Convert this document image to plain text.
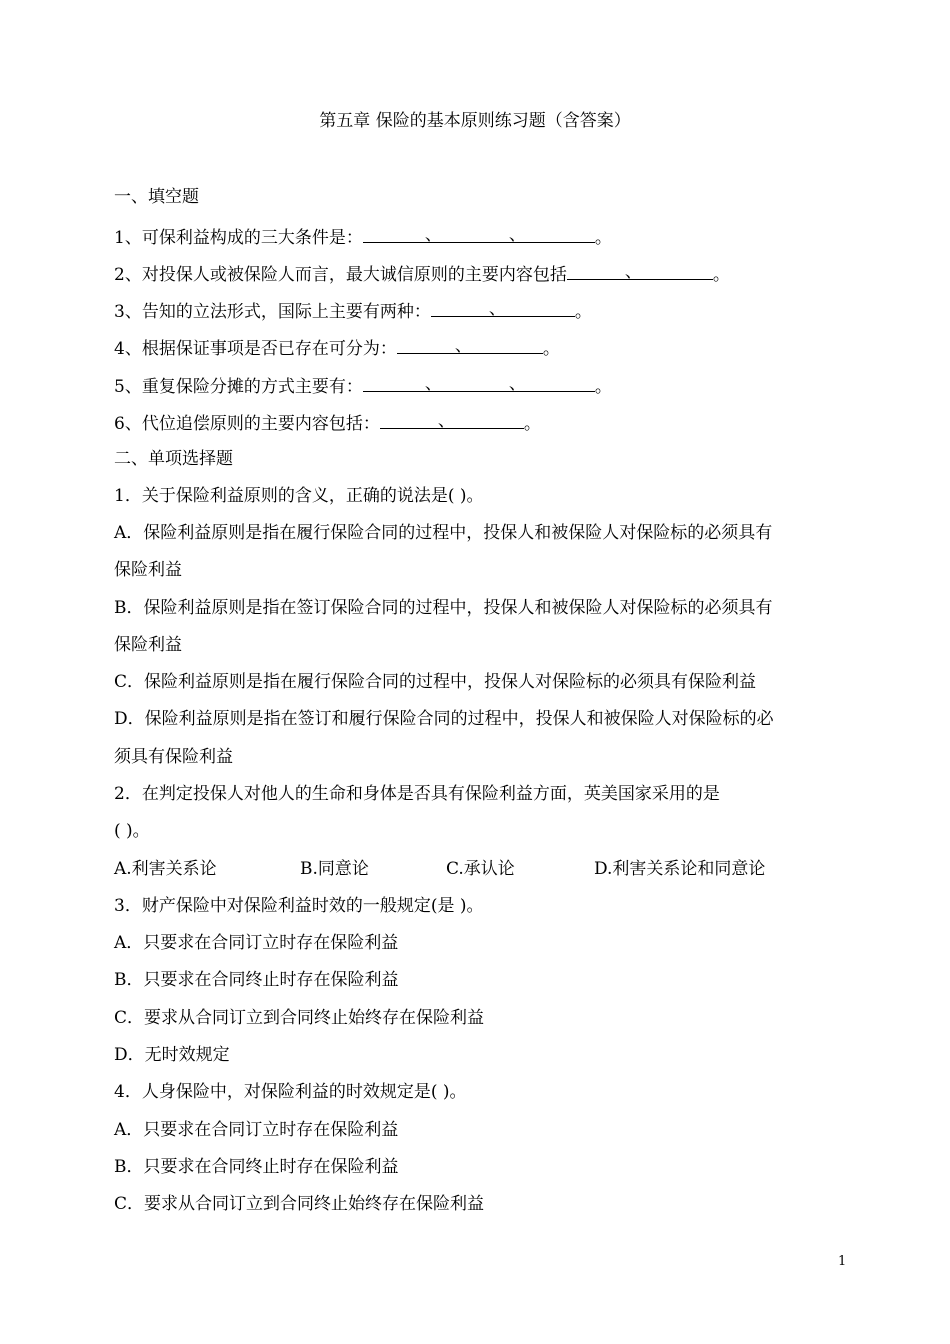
第五章 保险的基本原则练习题（含答案）
一、填空题
1、可保利益构成的三大条件是：	、	、	。
2、对投保人或被保险人而言，最大诚信原则的主要内容包括	、	。
3、告知的立法形式，国际上主要有两种：	、	。
4、根据保证事项是否已存在可分为：	、	。
5、重复保险分摊的方式主要有：	、	、	。
6、代位追偿原则的主要内容包括：	、	。
二、单项选择题
1．关于保险利益原则的含义，正确的说法是( )。
A．保险利益原则是指在履行保险合同的过程中，投保人和被保险人对保险标的必须具有
保险利益
B．保险利益原则是指在签订保险合同的过程中，投保人和被保险人对保险标的必须具有
保险利益
C．保险利益原则是指在履行保险合同的过程中，投保人对保险标的必须具有保险利益
D．保险利益原则是指在签订和履行保险合同的过程中，投保人和被保险人对保险标的必
须具有保险利益
2．在判定投保人对他人的生命和身体是否具有保险利益方面，英美国家采用的是
( )。
A.利害关系论	B.同意论	C.承认论	D.利害关系论和同意论
3．财产保险中对保险利益时效的一般规定(是 )。
A．只要求在合同订立时存在保险利益
B．只要求在合同终止时存在保险利益
C．要求从合同订立到合同终止始终存在保险利益
D．无时效规定
4．人身保险中，对保险利益的时效规定是( )。
A．只要求在合同订立时存在保险利益
B．只要求在合同终止时存在保险利益
C．要求从合同订立到合同终止始终存在保险利益
1
